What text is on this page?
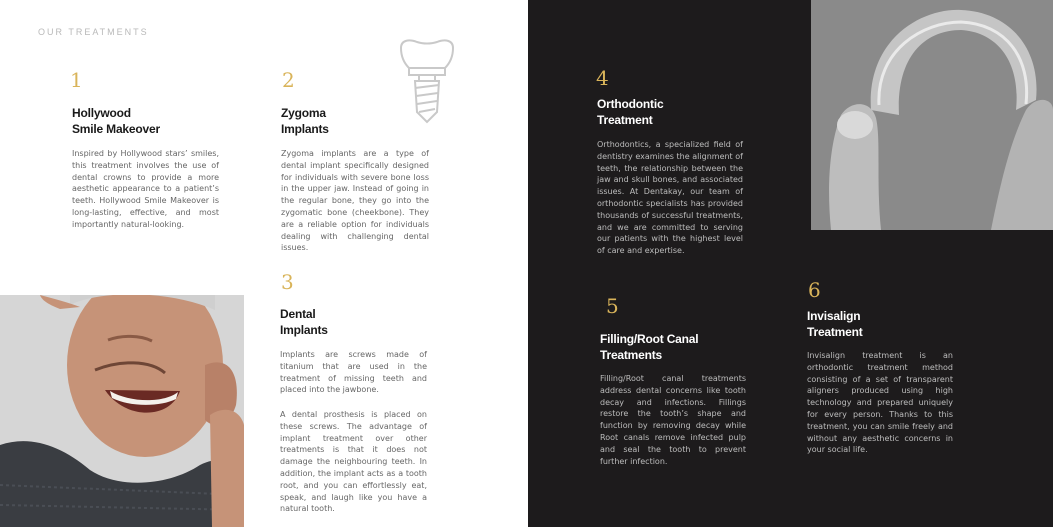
OUR TREATMENTS
1
Hollywood
Smile Makeover
Inspired by Hollywood stars’ smiles, this treatment involves the use of dental crowns to provide a more aesthetic appearance to a patient’s teeth. Hollywood Smile Makeover is long-lasting, effective, and most importantly natural-looking.
2
Zygoma
Implants
Zygoma implants are a type of dental implant specifically designed for individuals with severe bone loss in the upper jaw. Instead of going in the regular bone, they go into the zygomatic bone (cheekbone). They are a reliable option for individuals dealing with challenging dental issues.
3
Dental
Implants
Implants are screws made of titanium that are used in the treatment of missing teeth and placed into the jawbone.
A dental prosthesis is placed on these screws. The advantage of implant treatment over other treatments is that it does not damage the neighbouring teeth. In addition, the implant acts as a tooth root, and you can effortlessly eat, speak, and laugh like you have a natural tooth.
4
Orthodontic
Treatment
Orthodontics, a specialized field of dentistry examines the alignment of teeth, the relationship between the jaw and skull bones, and associated issues. At Dentakay, our team of orthodontic specialists has provided thousands of successful treatments, and we are committed to serving our patients with the highest level of care and expertise.
5
Filling/Root Canal
Treatments
Filling/Root canal treatments address dental concerns like tooth decay and infections. Fillings restore the tooth’s shape and function by removing decay while Root canals remove infected pulp and seal the tooth to prevent further infection.
6
Invisalign
Treatment
Invisalign treatment is an orthodontic treatment method consisting of a set of transparent aligners produced using high technology and prepared uniquely for every person. Thanks to this treatment, you can smile freely and without any aesthetic concerns in your social life.
